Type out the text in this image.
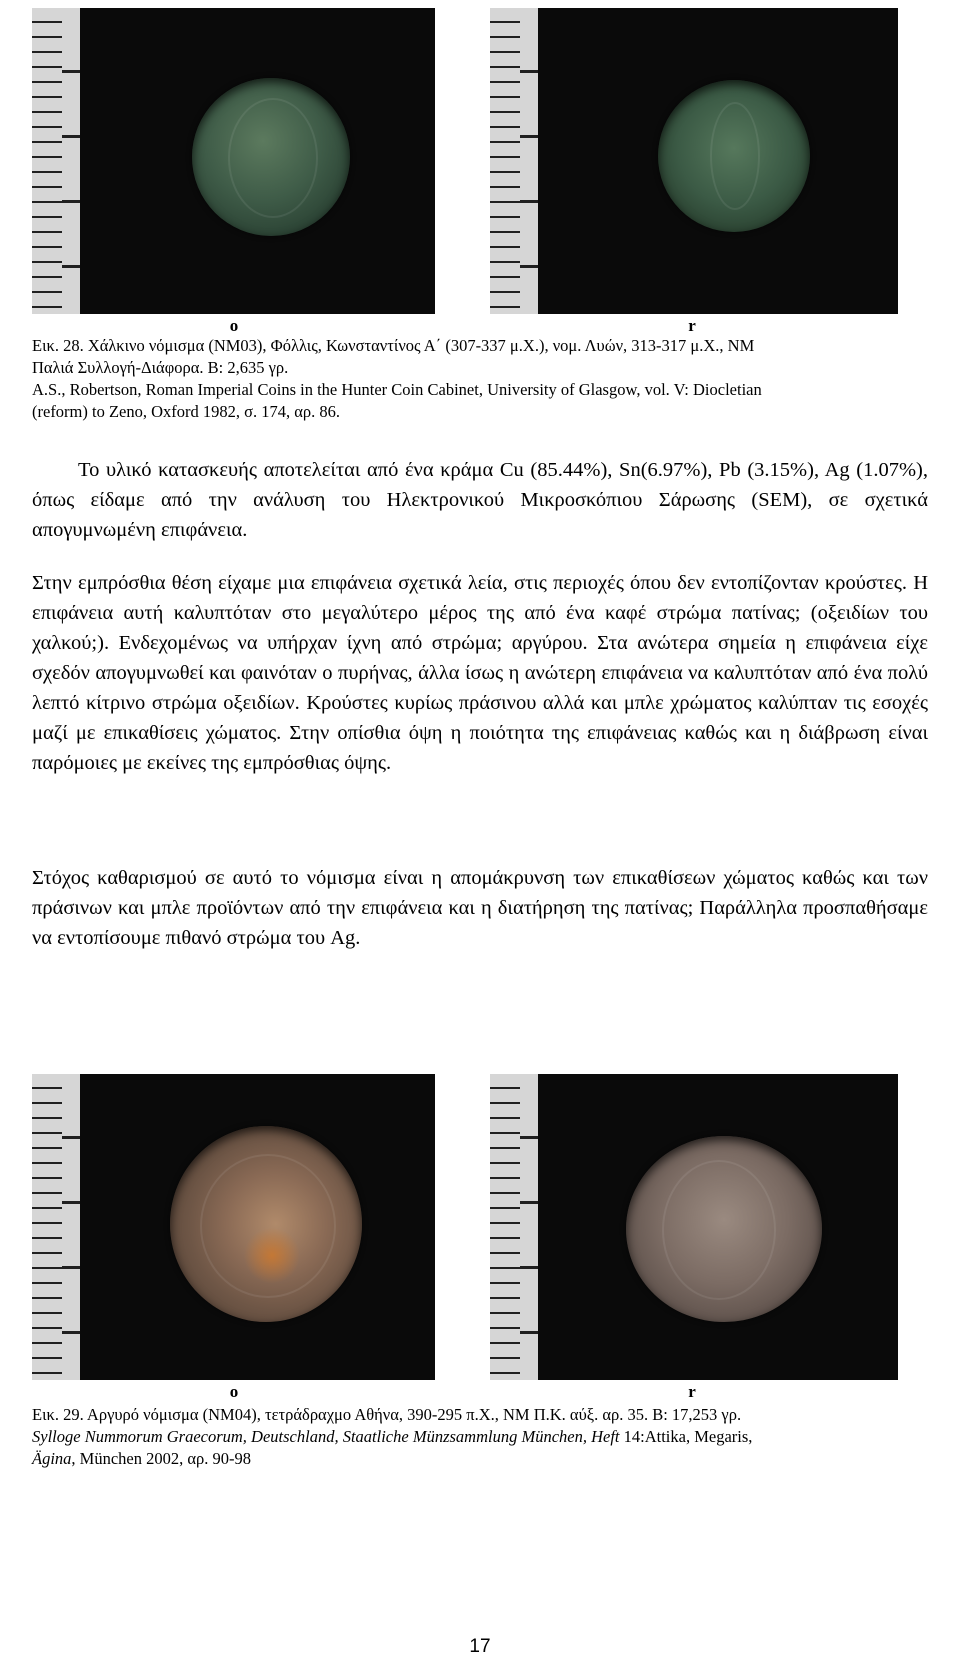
o	r
Εικ. 28. Χάλκινο νόμισμα (ΝΜ03), Φόλλις, Κωνσταντίνος Α΄ (307-337 μ.Χ.), νομ. Λυών, 313-317 μ.Χ., ΝΜ
Παλιά Συλλογή-Διάφορα. Β: 2,635 γρ.
A.S., Robertson, Roman Imperial Coins in the Hunter Coin Cabinet, University of Glasgow, vol. V: Diocletian
(reform) to Zeno, Oxford 1982, σ. 174, αρ. 86.

Το υλικό κατασκευής αποτελείται από ένα κράμα Cu (85.44%), Sn(6.97%), Pb (3.15%), Ag (1.07%), όπως είδαμε από την ανάλυση του Ηλεκτρονικού Μικροσκόπιου Σάρωσης (SEM), σε σχετικά απογυμνωμένη επιφάνεια.

Στην εμπρόσθια θέση είχαμε μια επιφάνεια σχετικά λεία, στις περιοχές όπου δεν εντοπίζονταν κρούστες. Η επιφάνεια αυτή καλυπτόταν στο μεγαλύτερο μέρος της από ένα καφέ στρώμα πατίνας; (οξειδίων του χαλκού;). Ενδεχομένως να υπήρχαν ίχνη από στρώμα; αργύρου. Στα ανώτερα σημεία η επιφάνεια είχε σχεδόν απογυμνωθεί και φαινόταν ο πυρήνας, άλλα ίσως η ανώτερη επιφάνεια να καλυπτόταν από ένα πολύ λεπτό κίτρινο στρώμα οξειδίων. Κρούστες κυρίως πράσινου αλλά και μπλε χρώματος καλύπταν τις εσοχές μαζί με επικαθίσεις χώματος. Στην οπίσθια όψη η ποιότητα της επιφάνειας καθώς και η διάβρωση είναι παρόμοιες με εκείνες της εμπρόσθιας όψης.

Στόχος καθαρισμού σε αυτό το νόμισμα είναι η απομάκρυνση των επικαθίσεων χώματος καθώς και των πράσινων και μπλε προϊόντων από την επιφάνεια και η διατήρηση της πατίνας; Παράλληλα προσπαθήσαμε να εντοπίσουμε πιθανό στρώμα του Ag.

o	r
Εικ. 29. Αργυρό νόμισμα (ΝΜ04), τετράδραχμο Αθήνα, 390-295 π.Χ., ΝΜ Π.Κ. αύξ. αρ. 35. Β: 17,253 γρ.
Sylloge Nummorum Graecorum, Deutschland, Staatliche Münzsammlung München, Heft 14:Attika, Megaris,
Ägina, München 2002, αρ. 90-98
17
